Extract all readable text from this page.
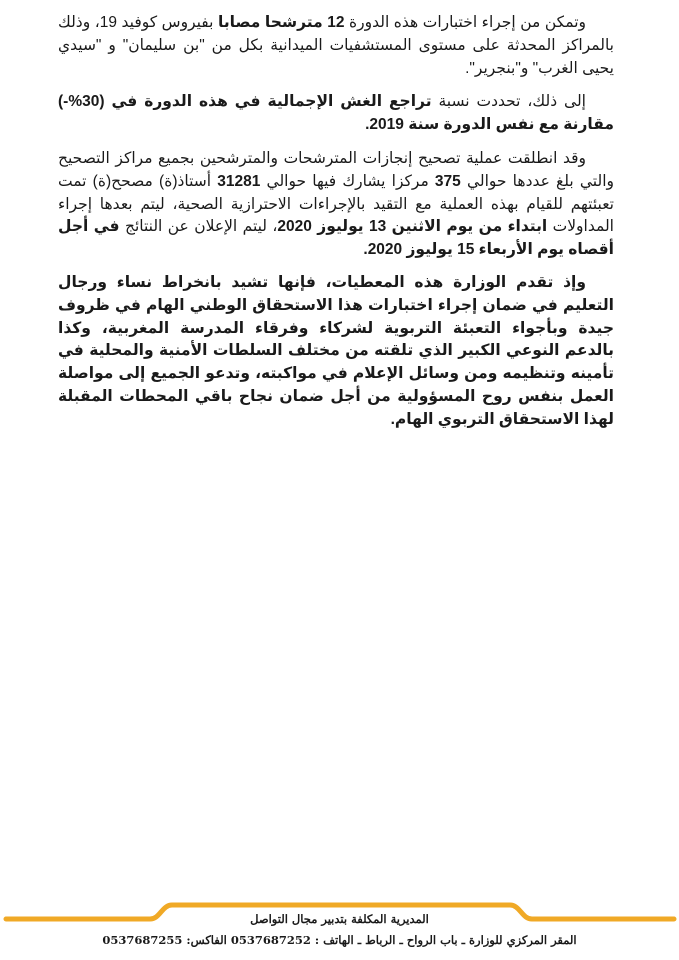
وتمكن من إجراء اختبارات هذه الدورة 12 مترشحا مصابا بفيروس كوفيد 19، وذلك بالمراكز المحدثة على مستوى المستشفيات الميدانية بكل من "بن سليمان" و "سيدي يحيى الغرب" و"بنجرير".

إلى ذلك، تحددت نسبة تراجع الغش الإجمالية في هذه الدورة في (30%-) مقارنة مع نفس الدورة سنة 2019.

وقد انطلقت عملية تصحيح إنجازات المترشحات والمترشحين بجميع مراكز التصحيح والتي بلغ عددها حوالي 375 مركزا يشارك فيها حوالي 31281 أستاذ(ة) مصحح(ة) تمت تعبئتهم للقيام بهذه العملية مع التقيد بالإجراءات الاحترازية الصحية، ليتم بعدها إجراء المداولات ابتداء من يوم الاثنين 13 يوليوز 2020، ليتم الإعلان عن النتائج في أجل أقصاه يوم الأربعاء 15 يوليوز 2020.

وإذ تقدم الوزارة هذه المعطيات، فإنها تشيد بانخراط نساء ورجال التعليم في ضمان إجراء اختبارات هذا الاستحقاق الوطني الهام في ظروف جيدة وبأجواء التعبئة التربوية لشركاء وفرقاء المدرسة المغربية، وكذا بالدعم النوعي الكبير الذي تلقته من مختلف السلطات الأمنية والمحلية في تأمينه وتنظيمه ومن وسائل الإعلام في مواكبته، وتدعو الجميع إلى مواصلة العمل بنفس روح المسؤولية من أجل ضمان نجاح باقي المحطات المقبلة لهذا الاستحقاق التربوي الهام.

المديرية المكلفة بتدبير مجال التواصل
المقر المركزي للوزارة ـ باب الرواح ـ الرباط ـ الهاتف : 0537687252 الفاكس: 0537687255
